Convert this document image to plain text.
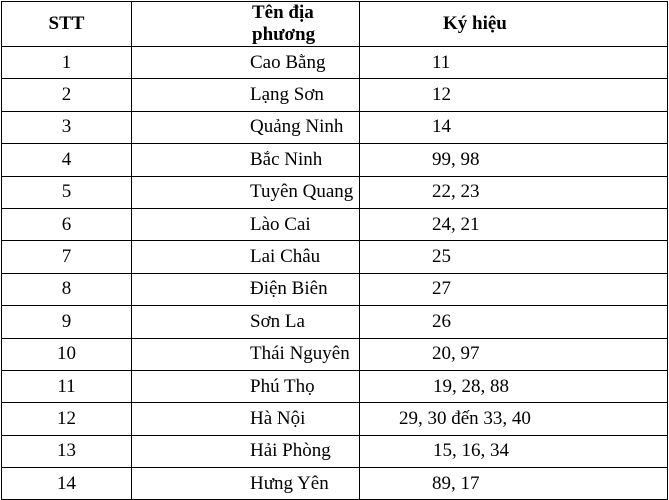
STT	Tên địa phương	Ký hiệu
1	Cao Bằng	11
2	Lạng Sơn	12
3	Quảng Ninh	14
4	Bắc Ninh	99, 98
5	Tuyên Quang	22, 23
6	Lào Cai	24, 21
7	Lai Châu	25
8	Điện Biên	27
9	Sơn La	26
10	Thái Nguyên	20, 97
11	Phú Thọ	19, 28, 88
12	Hà Nội	29, 30 đến 33, 40
13	Hải Phòng	15, 16, 34
14	Hưng Yên	89, 17
